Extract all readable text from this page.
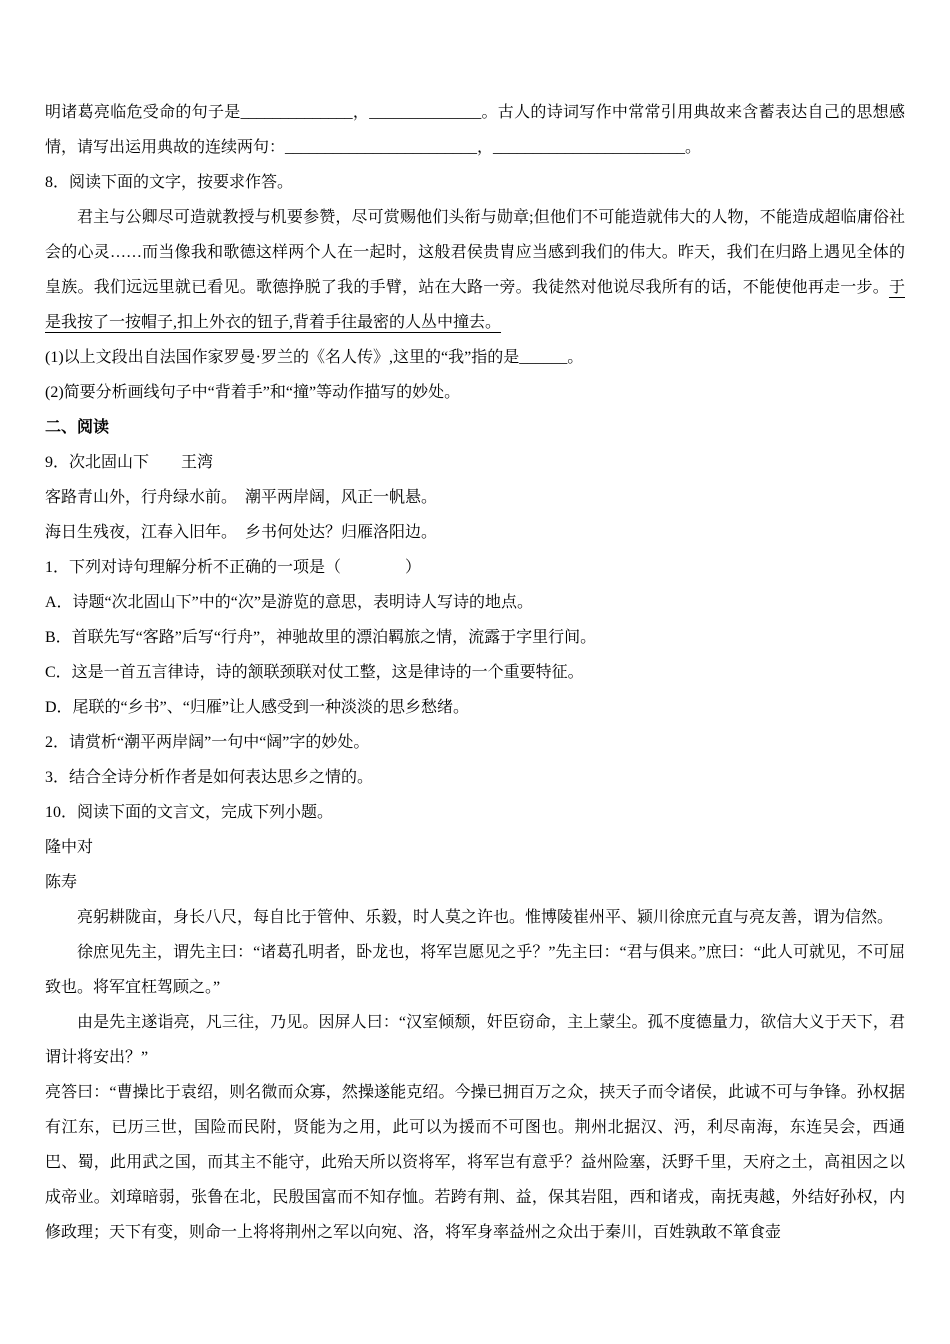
明诸葛亮临危受命的句子是______________，______________。古人的诗词写作中常常引用典故来含蓄表达自己的思想感情，请写出运用典故的连续两句：________________________，________________________。

8．阅读下面的文字，按要求作答。

君主与公卿尽可造就教授与机要参赞，尽可赏赐他们头衔与勋章;但他们不可能造就伟大的人物，不能造成超临庸俗社会的心灵……而当像我和歌德这样两个人在一起时，这般君侯贵胄应当感到我们的伟大。昨天，我们在归路上遇见全体的皇族。我们远远里就已看见。歌德挣脱了我的手臂，站在大路一旁。我徒然对他说尽我所有的话，不能使他再走一步。于是我按了一按帽子,扣上外衣的钮子,背着手往最密的人丛中撞去。

(1)以上文段出自法国作家罗曼·罗兰的《名人传》,这里的“我”指的是______。

(2)简要分析画线句子中“背着手”和“撞”等动作描写的妙处。

二、阅读

9．次北固山下　　王湾

客路青山外，行舟绿水前。　潮平两岸阔，风正一帆悬。

海日生残夜，江春入旧年。　乡书何处达？归雁洛阳边。

1．下列对诗句理解分析不正确的一项是（　　　　）

A．诗题“次北固山下”中的“次”是游览的意思，表明诗人写诗的地点。

B．首联先写“客路”后写“行舟”，神驰故里的漂泊羁旅之情，流露于字里行间。

C．这是一首五言律诗，诗的颔联颈联对仗工整，这是律诗的一个重要特征。

D．尾联的“乡书”、“归雁”让人感受到一种淡淡的思乡愁绪。

2．请赏析“潮平两岸阔”一句中“阔”字的妙处。

3．结合全诗分析作者是如何表达思乡之情的。

10．阅读下面的文言文，完成下列小题。

隆中对

陈寿

亮躬耕陇亩，身长八尺，每自比于管仲、乐毅，时人莫之许也。惟博陵崔州平、颍川徐庶元直与亮友善，谓为信然。

徐庶见先主，谓先主曰：“诸葛孔明者，卧龙也，将军岂愿见之乎？”先主曰：“君与俱来。”庶曰：“此人可就见，不可屈致也。将军宜枉驾顾之。”

由是先主遂诣亮，凡三往，乃见。因屏人曰：“汉室倾颓，奸臣窃命，主上蒙尘。孤不度德量力，欲信大义于天下，君谓计将安出？”

亮答曰：“曹操比于袁绍，则名微而众寡，然操遂能克绍。今操已拥百万之众，挟天子而令诸侯，此诚不可与争锋。孙权据有江东，已历三世，国险而民附，贤能为之用，此可以为援而不可图也。荆州北据汉、沔，利尽南海，东连吴会，西通巴、蜀，此用武之国，而其主不能守，此殆天所以资将军，将军岂有意乎？益州险塞，沃野千里，天府之土，高祖因之以成帝业。刘璋暗弱，张鲁在北，民殷国富而不知存恤。若跨有荆、益，保其岩阻，西和诸戎，南抚夷越，外结好孙权，内修政理；天下有变，则命一上将将荆州之军以向宛、洛，将军身率益州之众出于秦川，百姓孰敢不箪食壶
